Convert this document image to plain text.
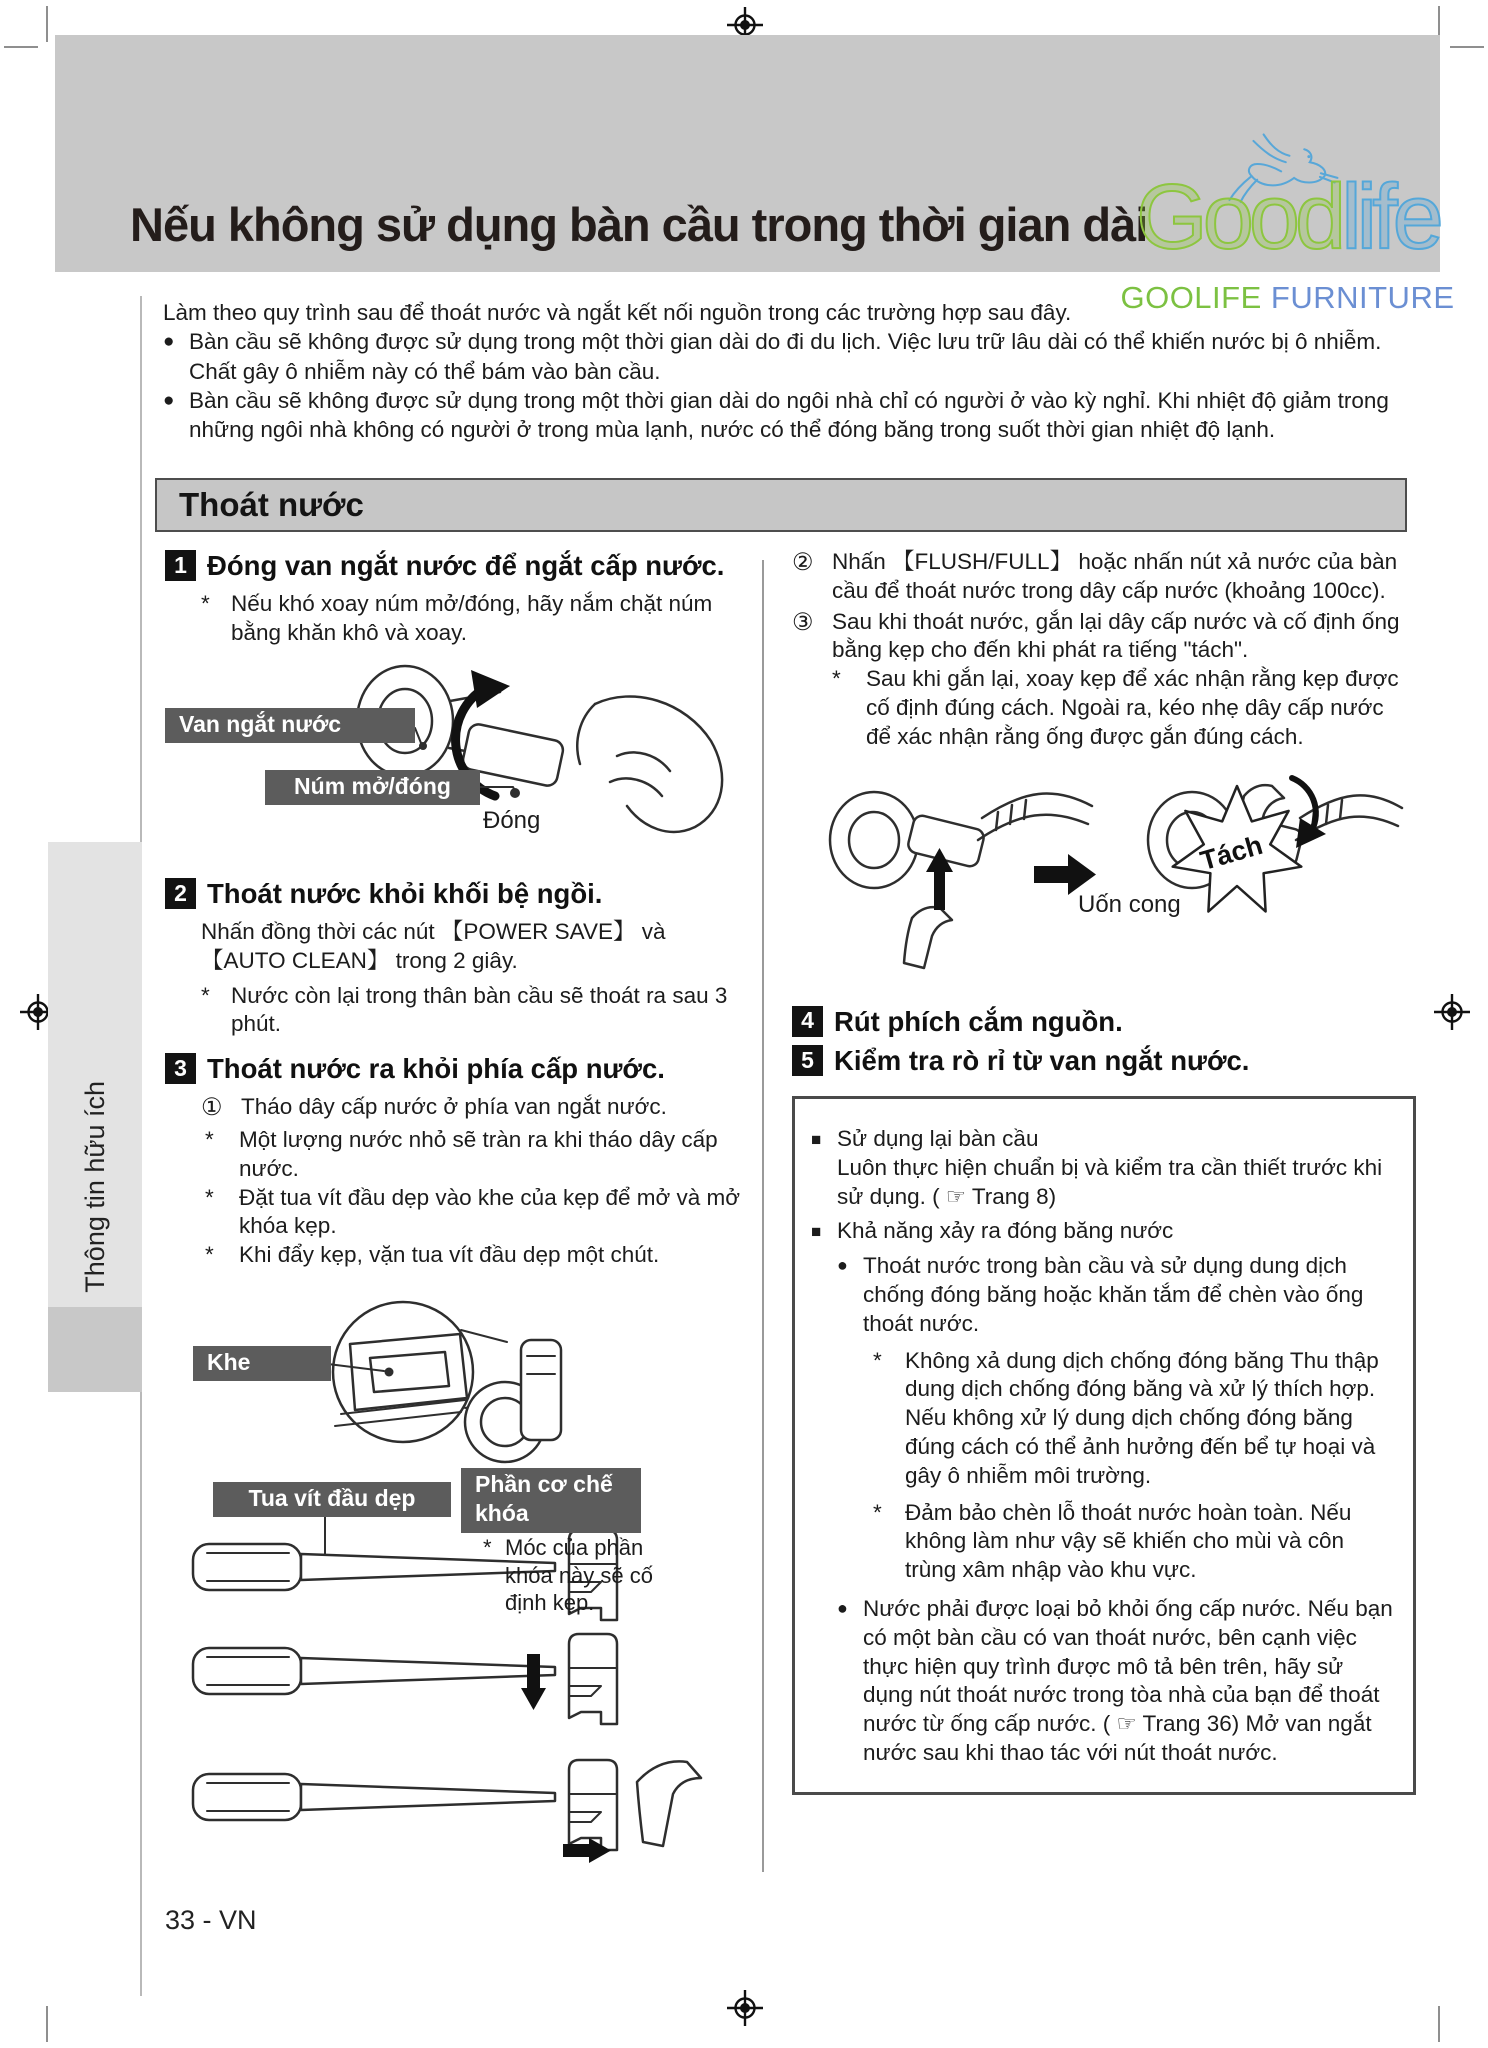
Nếu không sử dụng bàn cầu trong thời gian dài
Goodlife
GOOLIFE FURNITURE
Làm theo quy trình sau để thoát nước và ngắt kết nối nguồn trong các trường hợp sau đây.
● Bàn cầu sẽ không được sử dụng trong một thời gian dài do đi du lịch. Việc lưu trữ lâu dài có thể khiến nước bị ô nhiễm. Chất gây ô nhiễm này có thể bám vào bàn cầu.
● Bàn cầu sẽ không được sử dụng trong một thời gian dài do ngôi nhà chỉ có người ở vào kỳ nghỉ. Khi nhiệt độ giảm trong những ngôi nhà không có người ở trong mùa lạnh, nước có thể đóng băng trong suốt thời gian nhiệt độ lạnh.
Thoát nước
1 Đóng van ngắt nước để ngắt cấp nước.
* Nếu khó xoay núm mở/đóng, hãy nắm chặt núm bằng khăn khô và xoay.
Van ngắt nước
Núm mở/đóng
Đóng
2 Thoát nước khỏi khối bệ ngồi.
Nhấn đồng thời các nút 【POWER SAVE】 và 【AUTO CLEAN】 trong 2 giây.
* Nước còn lại trong thân bàn cầu sẽ thoát ra sau 3 phút.
3 Thoát nước ra khỏi phía cấp nước.
① Tháo dây cấp nước ở phía van ngắt nước.
*	Một lượng nước nhỏ sẽ tràn ra khi tháo dây cấp nước.
*	Đặt tua vít đầu dẹp vào khe của kẹp để mở và mở khóa kẹp.
*	Khi đẩy kẹp, vặn tua vít đầu dẹp một chút.
Khe
Tua vít đầu dẹp
Phần cơ chế khóa
* Móc của phần khóa này sẽ cố định kẹp.
② Nhấn 【FLUSH/FULL】 hoặc nhấn nút xả nước của bàn cầu để thoát nước trong dây cấp nước (khoảng 100cc).
③ Sau khi thoát nước, gắn lại dây cấp nước và cố định ống bằng kẹp cho đến khi phát ra tiếng "tách".
*	Sau khi gắn lại, xoay kẹp để xác nhận rằng kẹp được cố định đúng cách. Ngoài ra, kéo nhẹ dây cấp nước để xác nhận rằng ống được gắn đúng cách.
Uốn cong
Tách
4 Rút phích cắm nguồn.
5 Kiểm tra rò rỉ từ van ngắt nước.
■ Sử dụng lại bàn cầu
Luôn thực hiện chuẩn bị và kiểm tra cần thiết trước khi sử dụng. ( ☞ Trang 8)
■ Khả năng xảy ra đóng băng nước
● Thoát nước trong bàn cầu và sử dụng dung dịch chống đóng băng hoặc khăn tắm để chèn vào ống thoát nước.
*	Không xả dung dịch chống đóng băng Thu thập dung dịch chống đóng băng và xử lý thích hợp. Nếu không xử lý dung dịch chống đóng băng đúng cách có thể ảnh hưởng đến bể tự hoại và gây ô nhiễm môi trường.
*	Đảm bảo chèn lỗ thoát nước hoàn toàn. Nếu không làm như vậy sẽ khiến cho mùi và côn trùng xâm nhập vào khu vực.
● Nước phải được loại bỏ khỏi ống cấp nước. Nếu bạn có một bàn cầu có van thoát nước, bên cạnh việc thực hiện quy trình được mô tả bên trên, hãy sử dụng nút thoát nước trong tòa nhà của bạn để thoát nước từ ống cấp nước. ( ☞ Trang 36) Mở van ngắt nước sau khi thao tác với nút thoát nước.
Thông tin hữu ích
33 - VN
